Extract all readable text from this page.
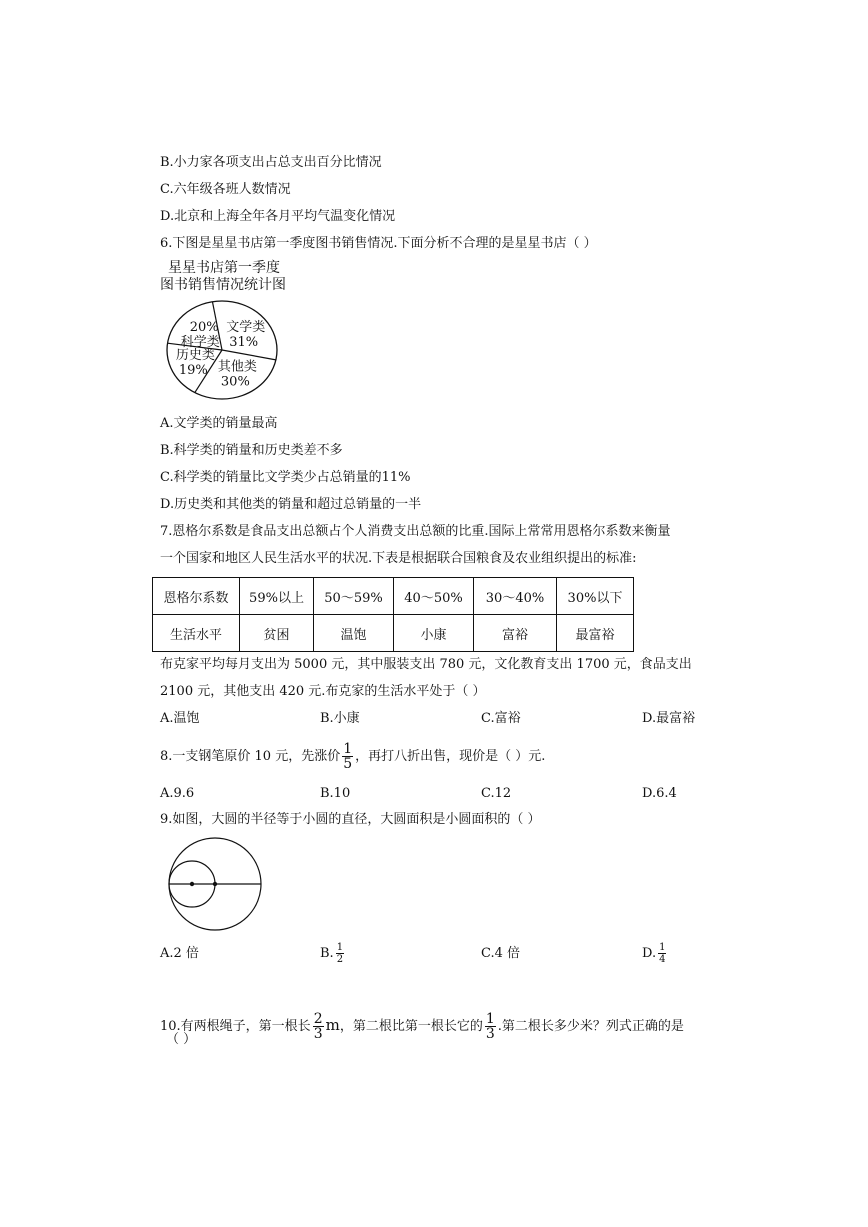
B.小力家各项支出占总支出百分比情况
C.六年级各班人数情况
D.北京和上海全年各月平均气温变化情况
6.下图是星星书店第一季度图书销售情况.下面分析不合理的是星星书店（ ）
星星书店第一季度
图书销售情况统计图
文学类
31%
其他类
30%
历史类
19%
科学类
20%
A.文学类的销量最高
B.科学类的销量和历史类差不多
C.科学类的销量比文学类少占总销量的11%
D.历史类和其他类的销量和超过总销量的一半
7.恩格尔系数是食品支出总额占个人消费支出总额的比重.国际上常常用恩格尔系数来衡量
一个国家和地区人民生活水平的状况.下表是根据联合国粮食及农业组织提出的标准:
恩格尔系数	59%以上	50～59%	40～50%	30～40%	30%以下
生活水平	贫困	温饱	小康	富裕	最富裕
布克家平均每月支出为 5000 元，其中服装支出 780 元，文化教育支出 1700 元，食品支出
2100 元，其他支出 420 元.布克家的生活水平处于（ ）
A.温饱	B.小康	C.富裕	D.最富裕
8.一支钢笔原价 10 元，先涨价 $\frac{1}{5}$ ，再打八折出售，现价是（ ）元.
A.9.6	B.10	C.12	D.6.4
9.如图，大圆的半径等于小圆的直径，大圆面积是小圆面积的（ ）
A.2 倍	B. $\frac{1}{2}$	C.4 倍	D. $\frac{1}{4}$
10.有两根绳子，第一根长 $\frac{2}{3}$ m，第二根比第一根长它的 $\frac{1}{3}$ .第二根长多少米？列式正确的是
（ ）
